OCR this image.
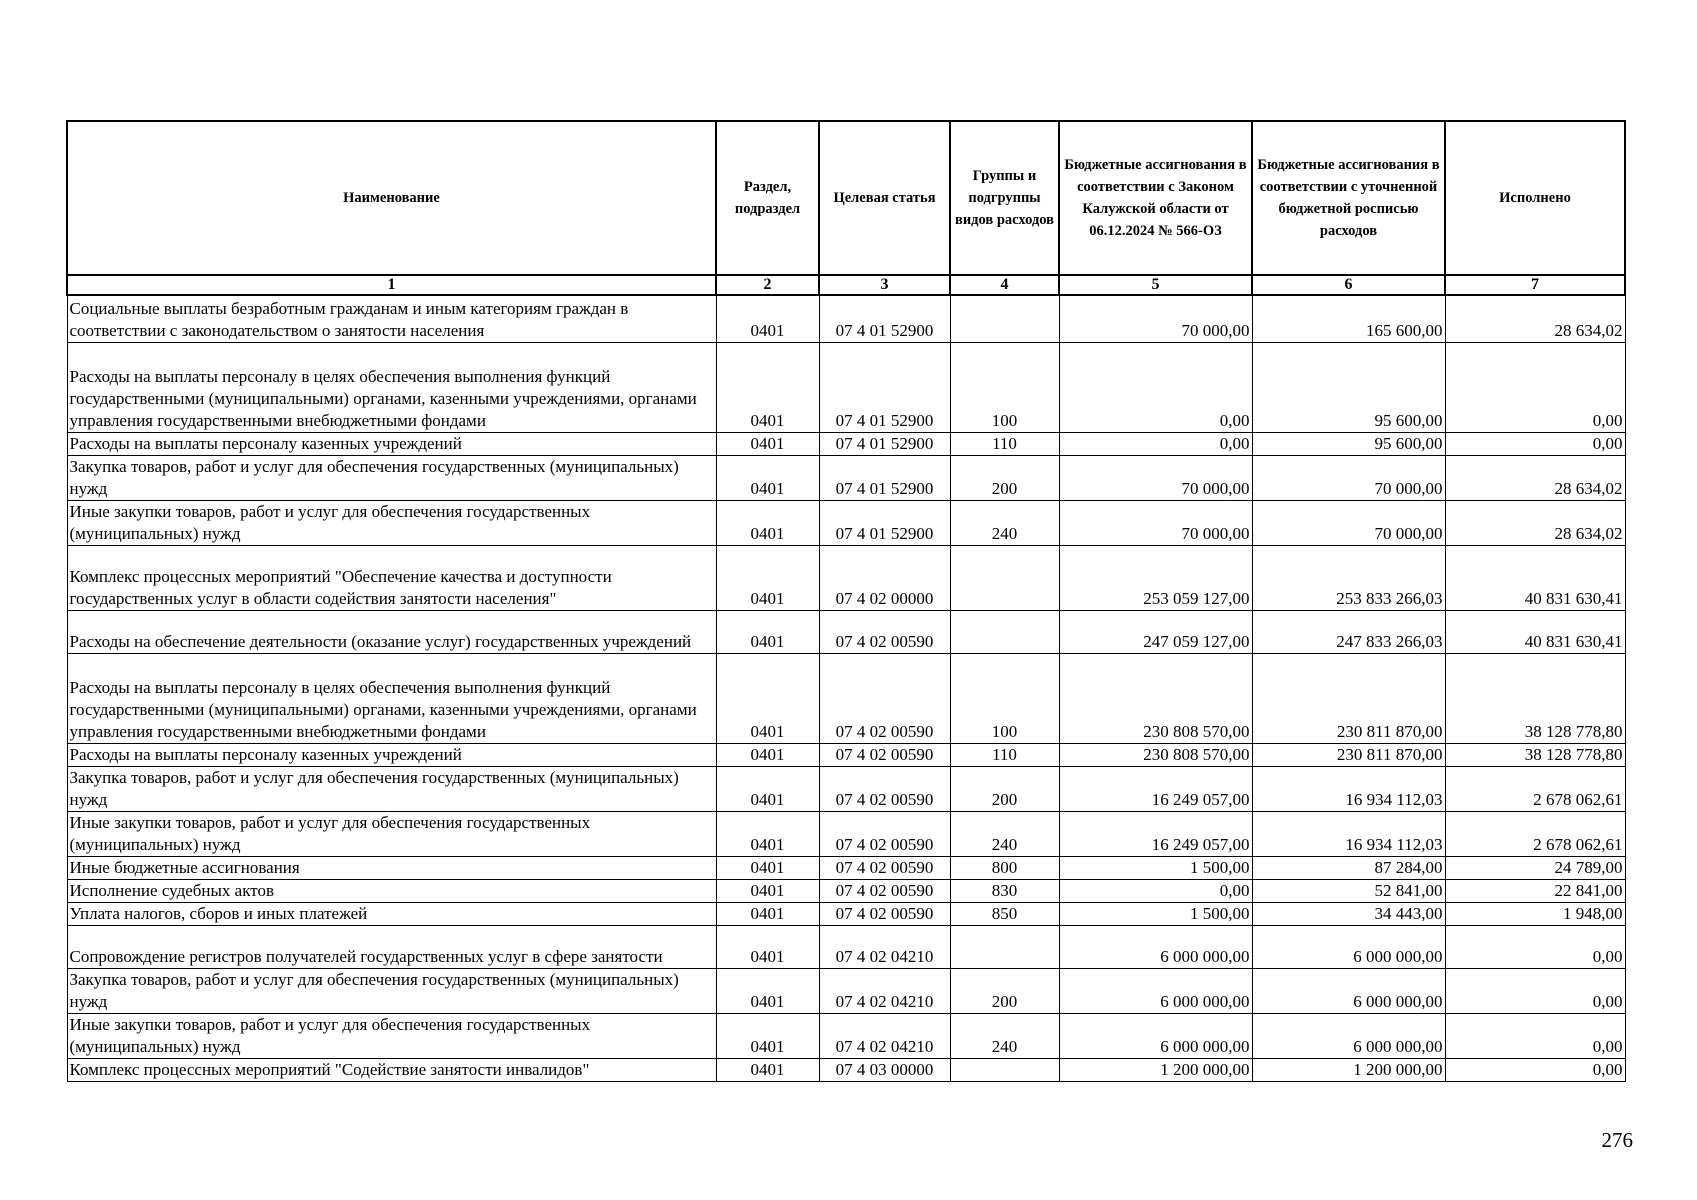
Наименование	Раздел, подраздел	Целевая статья	Группы и подгруппы видов расходов	Бюджетные ассигнования в соответствии с Законом Калужской области от 06.12.2024 № 566-ОЗ	Бюджетные ассигнования в соответствии с уточненной бюджетной росписью расходов	Исполнено
1	2	3	4	5	6	7
Социальные выплаты безработным гражданам и иным категориям граждан в соответствии с законодательством о занятости населения	0401	07 4 01 52900		70 000,00	165 600,00	28 634,02
Расходы на выплаты персоналу в целях обеспечения выполнения функций государственными (муниципальными) органами, казенными учреждениями, органами управления государственными внебюджетными фондами	0401	07 4 01 52900	100	0,00	95 600,00	0,00
Расходы на выплаты персоналу казенных учреждений	0401	07 4 01 52900	110	0,00	95 600,00	0,00
Закупка товаров, работ и услуг для обеспечения государственных (муниципальных) нужд	0401	07 4 01 52900	200	70 000,00	70 000,00	28 634,02
Иные закупки товаров, работ и услуг для обеспечения государственных (муниципальных) нужд	0401	07 4 01 52900	240	70 000,00	70 000,00	28 634,02
Комплекс процессных мероприятий "Обеспечение качества и доступности государственных услуг в области содействия занятости населения"	0401	07 4 02 00000		253 059 127,00	253 833 266,03	40 831 630,41
Расходы на обеспечение деятельности (оказание услуг) государственных учреждений	0401	07 4 02 00590		247 059 127,00	247 833 266,03	40 831 630,41
Расходы на выплаты персоналу в целях обеспечения выполнения функций государственными (муниципальными) органами, казенными учреждениями, органами управления государственными внебюджетными фондами	0401	07 4 02 00590	100	230 808 570,00	230 811 870,00	38 128 778,80
Расходы на выплаты персоналу казенных учреждений	0401	07 4 02 00590	110	230 808 570,00	230 811 870,00	38 128 778,80
Закупка товаров, работ и услуг для обеспечения государственных (муниципальных) нужд	0401	07 4 02 00590	200	16 249 057,00	16 934 112,03	2 678 062,61
Иные закупки товаров, работ и услуг для обеспечения государственных (муниципальных) нужд	0401	07 4 02 00590	240	16 249 057,00	16 934 112,03	2 678 062,61
Иные бюджетные ассигнования	0401	07 4 02 00590	800	1 500,00	87 284,00	24 789,00
Исполнение судебных актов	0401	07 4 02 00590	830	0,00	52 841,00	22 841,00
Уплата налогов, сборов и иных платежей	0401	07 4 02 00590	850	1 500,00	34 443,00	1 948,00
Сопровождение регистров получателей государственных услуг в сфере занятости	0401	07 4 02 04210		6 000 000,00	6 000 000,00	0,00
Закупка товаров, работ и услуг для обеспечения государственных (муниципальных) нужд	0401	07 4 02 04210	200	6 000 000,00	6 000 000,00	0,00
Иные закупки товаров, работ и услуг для обеспечения государственных (муниципальных) нужд	0401	07 4 02 04210	240	6 000 000,00	6 000 000,00	0,00
Комплекс процессных мероприятий "Содействие занятости инвалидов"	0401	07 4 03 00000		1 200 000,00	1 200 000,00	0,00
276
